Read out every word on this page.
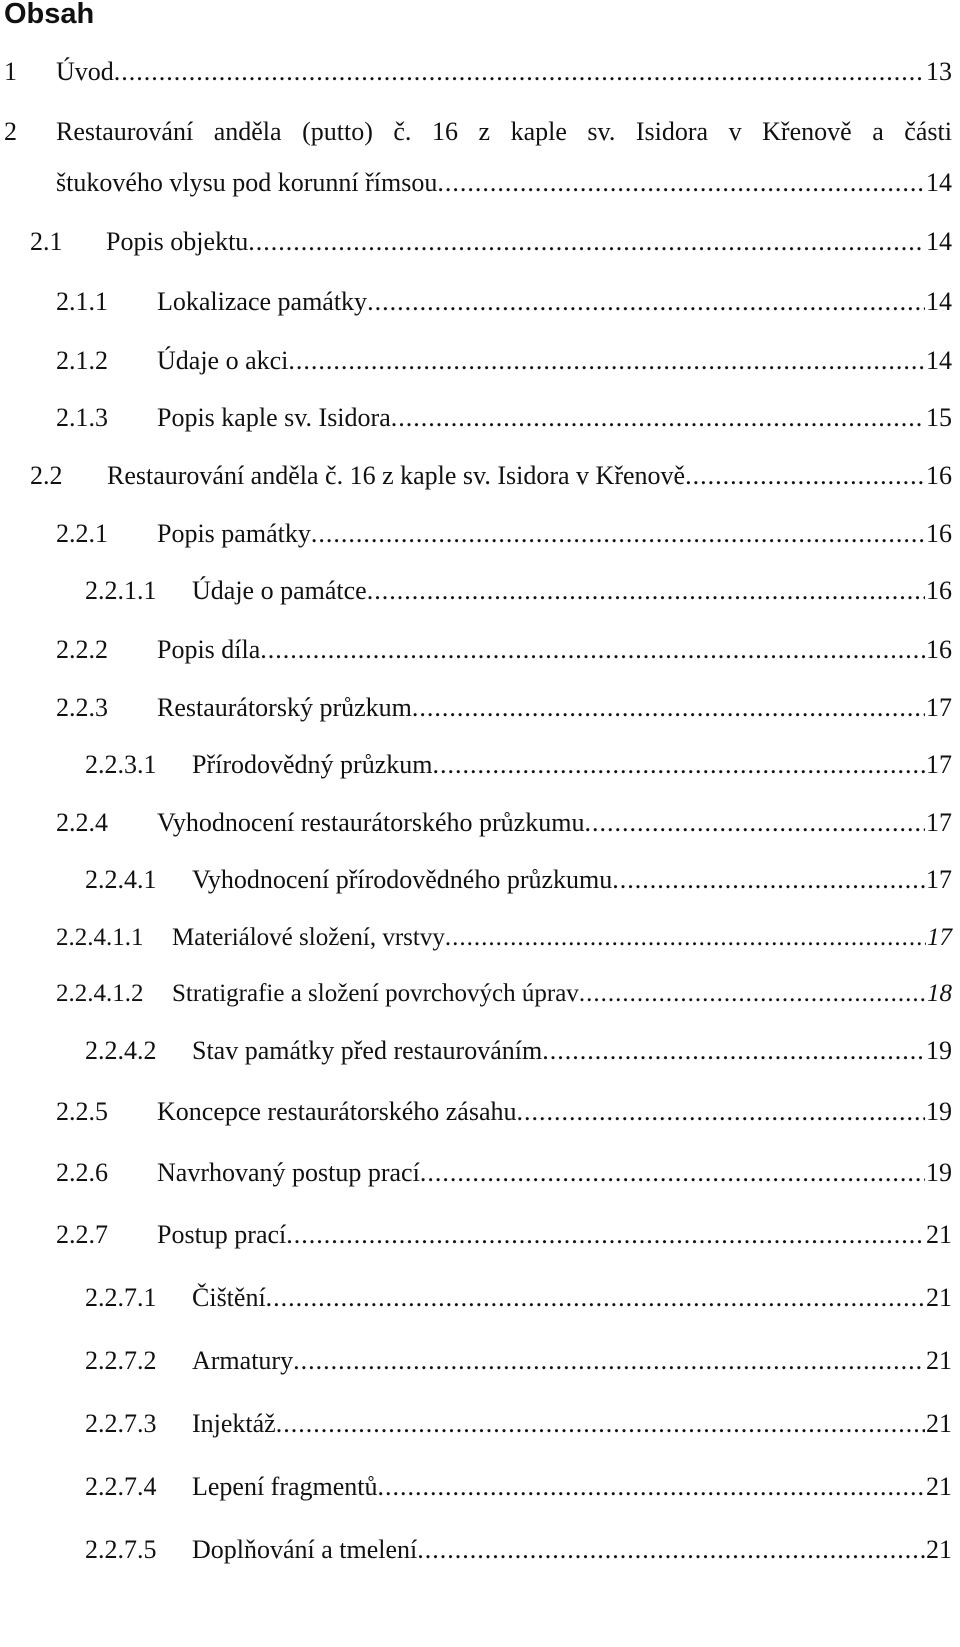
Obsah
1	Úvod .....	13
2	Restaurování anděla (putto) č. 16 z kaple sv. Isidora v Křenově a části
štukového vlysu pod korunní římsou .....	14
2.1	Popis objektu .....	14
2.1.1	Lokalizace památky .....	14
2.1.2	Údaje o akci .....	14
2.1.3	Popis kaple sv. Isidora .....	15
2.2	Restaurování anděla č. 16 z kaple sv. Isidora v Křenově .....	16
2.2.1	Popis památky .....	16
2.2.1.1	Údaje o památce .....	16
2.2.2	Popis díla .....	16
2.2.3	Restaurátorský průzkum .....	17
2.2.3.1	Přírodovědný průzkum .....	17
2.2.4	Vyhodnocení restaurátorského průzkumu .....	17
2.2.4.1	Vyhodnocení přírodovědného průzkumu .....	17
2.2.4.1.1	Materiálové složení, vrstvy .....	17
2.2.4.1.2	Stratigrafie a složení povrchových úprav .....	18
2.2.4.2	Stav památky před restaurováním .....	19
2.2.5	Koncepce restaurátorského zásahu .....	19
2.2.6	Navrhovaný postup prací .....	19
2.2.7	Postup prací .....	21
2.2.7.1	Čištění .....	21
2.2.7.2	Armatury .....	21
2.2.7.3	Injektáž .....	21
2.2.7.4	Lepení fragmentů .....	21
2.2.7.5	Doplňování a tmelení .....	21
